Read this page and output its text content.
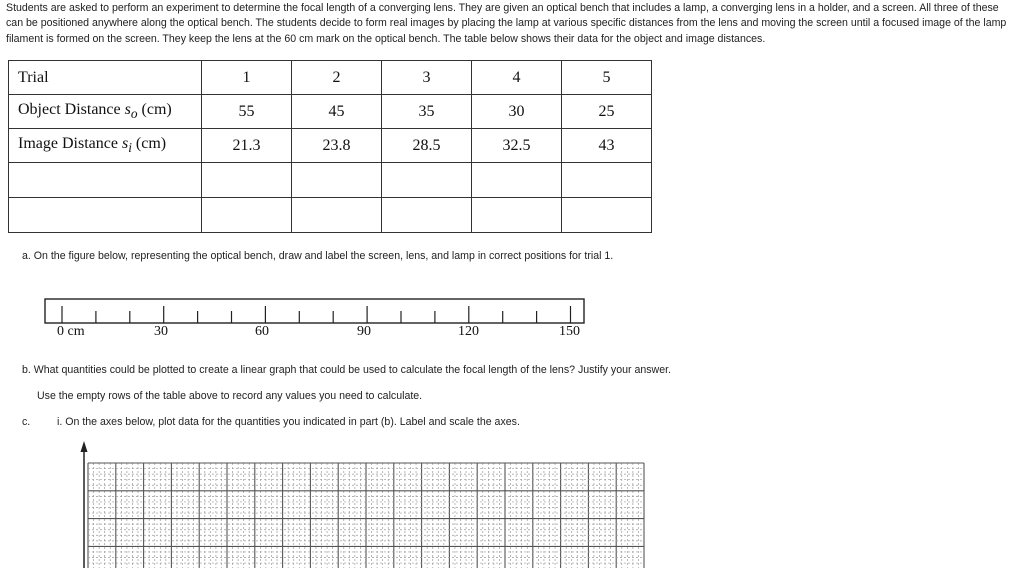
Students are asked to perform an experiment to determine the focal length of a converging lens. They are given an optical bench that includes a lamp, a converging lens in a holder, and a screen. All three of these can be positioned anywhere along the optical bench. The students decide to form real images by placing the lamp at various specific distances from the lens and moving the screen until a focused image of the lamp filament is formed on the screen. They keep the lens at the 60 cm mark on the optical bench. The table below shows their data for the object and image distances.
Trial	1	2	3	4	5
Object Distance $s_o$ (cm)	55	45	35	30	25
Image Distance $s_i$ (cm)	21.3	23.8	28.5	32.5	43

a. On the figure below, representing the optical bench, draw and label the screen, lens, and lamp in correct positions for trial 1.
0 cm	30	60	90	120	150
b. What quantities could be plotted to create a linear graph that could be used to calculate the focal length of the lens? Justify your answer.
Use the empty rows of the table above to record any values you need to calculate.
c.	i. On the axes below, plot data for the quantities you indicated in part (b). Label and scale the axes.
